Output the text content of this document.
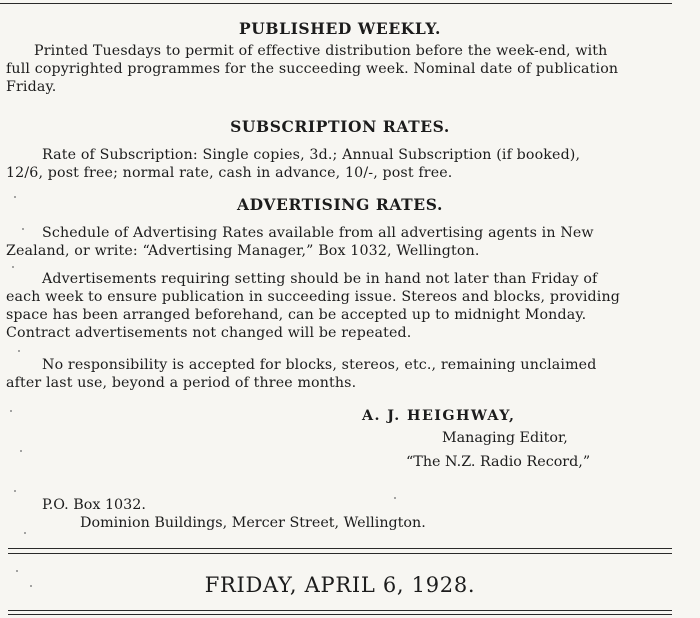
PUBLISHED WEEKLY.
Printed Tuesdays to permit of effective distribution before the week-end, with
full copyrighted programmes for the succeeding week. Nominal date of publication
Friday.
SUBSCRIPTION RATES.
Rate of Subscription: Single copies, 3d.; Annual Subscription (if booked),
12/6, post free; normal rate, cash in advance, 10/-, post free.
ADVERTISING RATES.
Schedule of Advertising Rates available from all advertising agents in New
Zealand, or write: “Advertising Manager,” Box 1032, Wellington.
Advertisements requiring setting should be in hand not later than Friday of
each week to ensure publication in succeeding issue. Stereos and blocks, providing
space has been arranged beforehand, can be accepted up to midnight Monday.
Contract advertisements not changed will be repeated.
No responsibility is accepted for blocks, stereos, etc., remaining unclaimed
after last use, beyond a period of three months.
A. J. HEIGHWAY,
Managing Editor,
“The N.Z. Radio Record,”
P.O. Box 1032.
Dominion Buildings, Mercer Street, Wellington.
FRIDAY, APRIL 6, 1928.
